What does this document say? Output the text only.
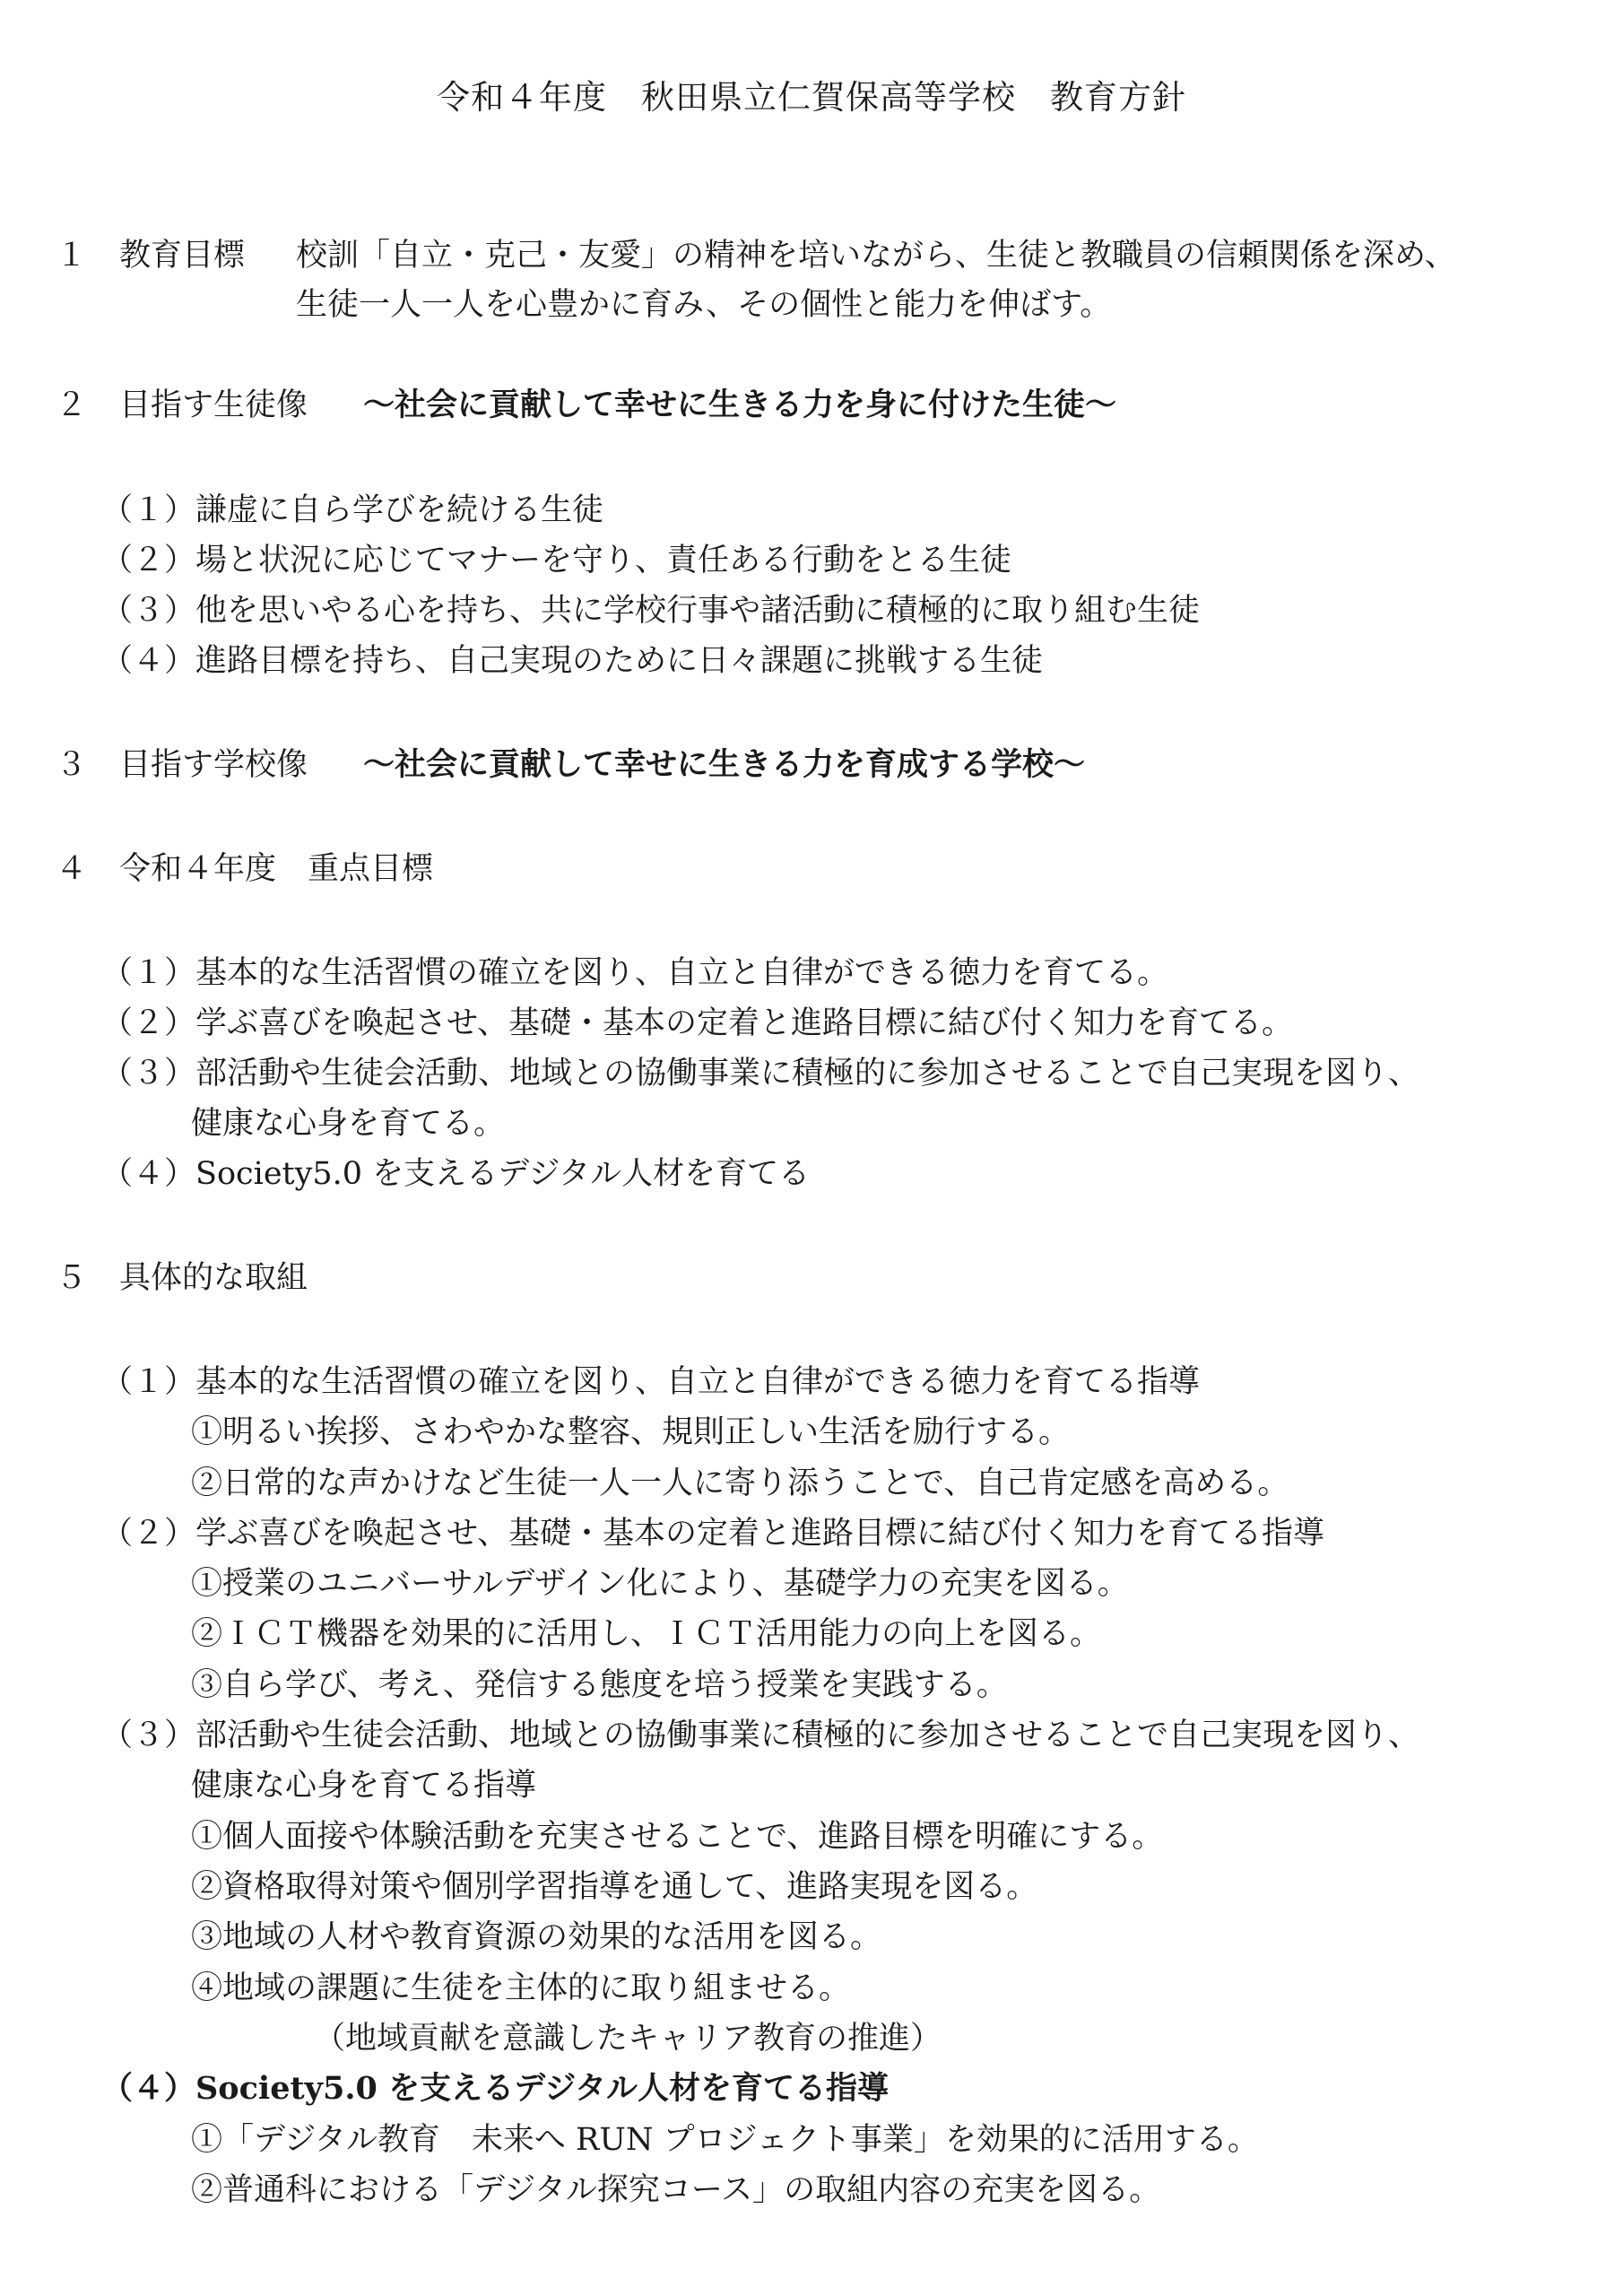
令和４年度　秋田県立仁賀保高等学校　教育方針
１ 教育目標 校訓「自立・克己・友愛」の精神を培いながら、生徒と教職員の信頼関係を深め、
生徒一人一人を心豊かに育み、その個性と能力を伸ばす。
２ 目指す生徒像 ～社会に貢献して幸せに生きる力を身に付けた生徒～
（１）謙虚に自ら学びを続ける生徒
（２）場と状況に応じてマナーを守り、責任ある行動をとる生徒
（３）他を思いやる心を持ち、共に学校行事や諸活動に積極的に取り組む生徒
（４）進路目標を持ち、自己実現のために日々課題に挑戦する生徒
３ 目指す学校像 ～社会に貢献して幸せに生きる力を育成する学校～
４ 令和４年度　重点目標
（１）基本的な生活習慣の確立を図り、自立と自律ができる徳力を育てる。
（２）学ぶ喜びを喚起させ、基礎・基本の定着と進路目標に結び付く知力を育てる。
（３）部活動や生徒会活動、地域との協働事業に積極的に参加させることで自己実現を図り、
健康な心身を育てる。
（４）Society5.0 を支えるデジタル人材を育てる
５ 具体的な取組
（１）基本的な生活習慣の確立を図り、自立と自律ができる徳力を育てる指導
①明るい挨拶、さわやかな整容、規則正しい生活を励行する。
②日常的な声かけなど生徒一人一人に寄り添うことで、自己肯定感を高める。
（２）学ぶ喜びを喚起させ、基礎・基本の定着と進路目標に結び付く知力を育てる指導
①授業のユニバーサルデザイン化により、基礎学力の充実を図る。
②ＩＣＴ機器を効果的に活用し、ＩＣＴ活用能力の向上を図る。
③自ら学び、考え、発信する態度を培う授業を実践する。
（３）部活動や生徒会活動、地域との協働事業に積極的に参加させることで自己実現を図り、
健康な心身を育てる指導
①個人面接や体験活動を充実させることで、進路目標を明確にする。
②資格取得対策や個別学習指導を通して、進路実現を図る。
③地域の人材や教育資源の効果的な活用を図る。
④地域の課題に生徒を主体的に取り組ませる。
（地域貢献を意識したキャリア教育の推進）
（４）Society5.0 を支えるデジタル人材を育てる指導
①「デジタル教育　未来へ RUN プロジェクト事業」を効果的に活用する。
②普通科における「デジタル探究コース」の取組内容の充実を図る。
